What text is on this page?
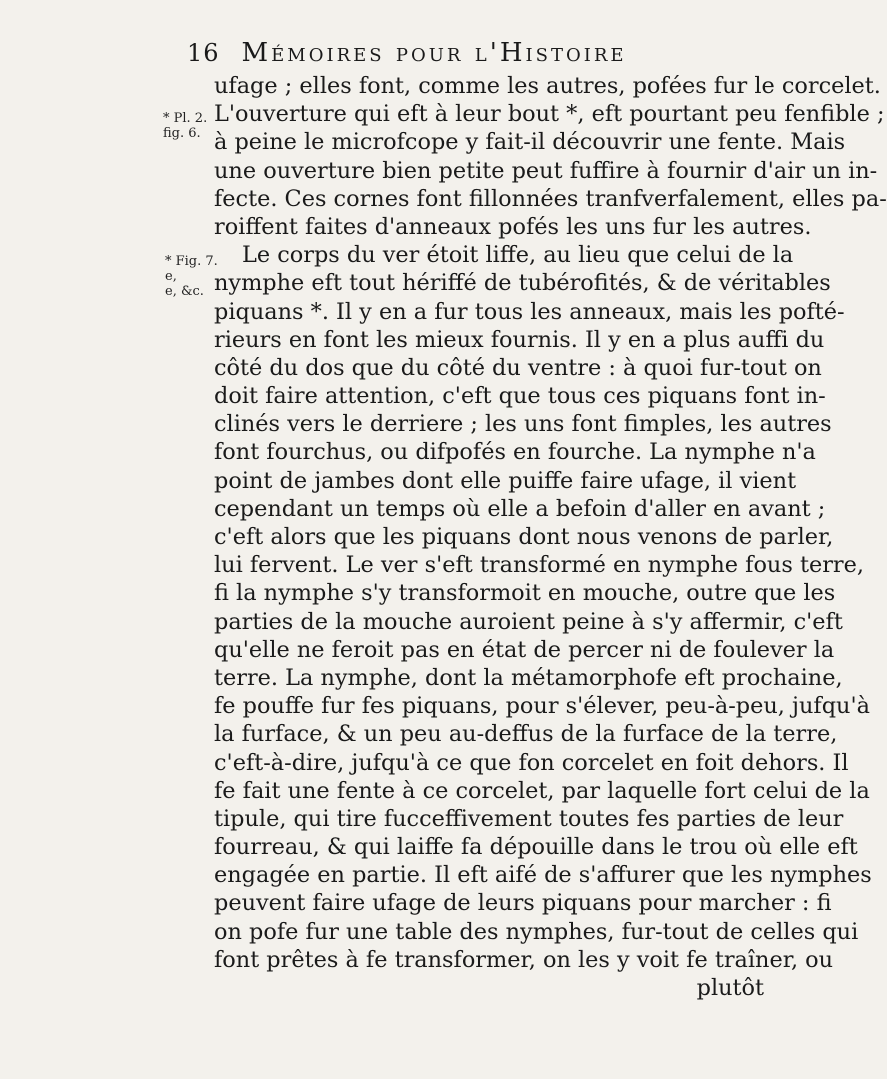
16 Mémoires pour l'Histoire
* Pl. 2. fig. 6.
* Fig. 7. e,
e, &c.
ufage ; elles font, comme les autres, pofées fur le corcelet.
L'ouverture qui eft à leur bout *, eft pourtant peu fenfible ;
à peine le microfcope y fait-il découvrir une fente. Mais
une ouverture bien petite peut fuffire à fournir d'air un in-
fecte. Ces cornes font fillonnées tranfverfalement, elles pa-
roiffent faites d'anneaux pofés les uns fur les autres.
Le corps du ver étoit liffe, au lieu que celui de la
nymphe eft tout hériffé de tubérofités, & de véritables
piquans *. Il y en a fur tous les anneaux, mais les pofté-
rieurs en font les mieux fournis. Il y en a plus auffi du
côté du dos que du côté du ventre : à quoi fur-tout on
doit faire attention, c'eft que tous ces piquans font in-
clinés vers le derriere ; les uns font fimples, les autres
font fourchus, ou difpofés en fourche. La nymphe n'a
point de jambes dont elle puiffe faire ufage, il vient
cependant un temps où elle a befoin d'aller en avant ;
c'eft alors que les piquans dont nous venons de parler,
lui fervent. Le ver s'eft transformé en nymphe fous terre,
fi la nymphe s'y transformoit en mouche, outre que les
parties de la mouche auroient peine à s'y affermir, c'eft
qu'elle ne feroit pas en état de percer ni de foulever la
terre. La nymphe, dont la métamorphofe eft prochaine,
fe pouffe fur fes piquans, pour s'élever, peu-à-peu, jufqu'à
la furface, & un peu au-deffus de la furface de la terre,
c'eft-à-dire, jufqu'à ce que fon corcelet en foit dehors. Il
fe fait une fente à ce corcelet, par laquelle fort celui de la
tipule, qui tire fucceffivement toutes fes parties de leur
fourreau, & qui laiffe fa dépouille dans le trou où elle eft
engagée en partie. Il eft aifé de s'affurer que les nymphes
peuvent faire ufage de leurs piquans pour marcher : fi
on pofe fur une table des nymphes, fur-tout de celles qui
font prêtes à fe transformer, on les y voit fe traîner, ou
plutôt
